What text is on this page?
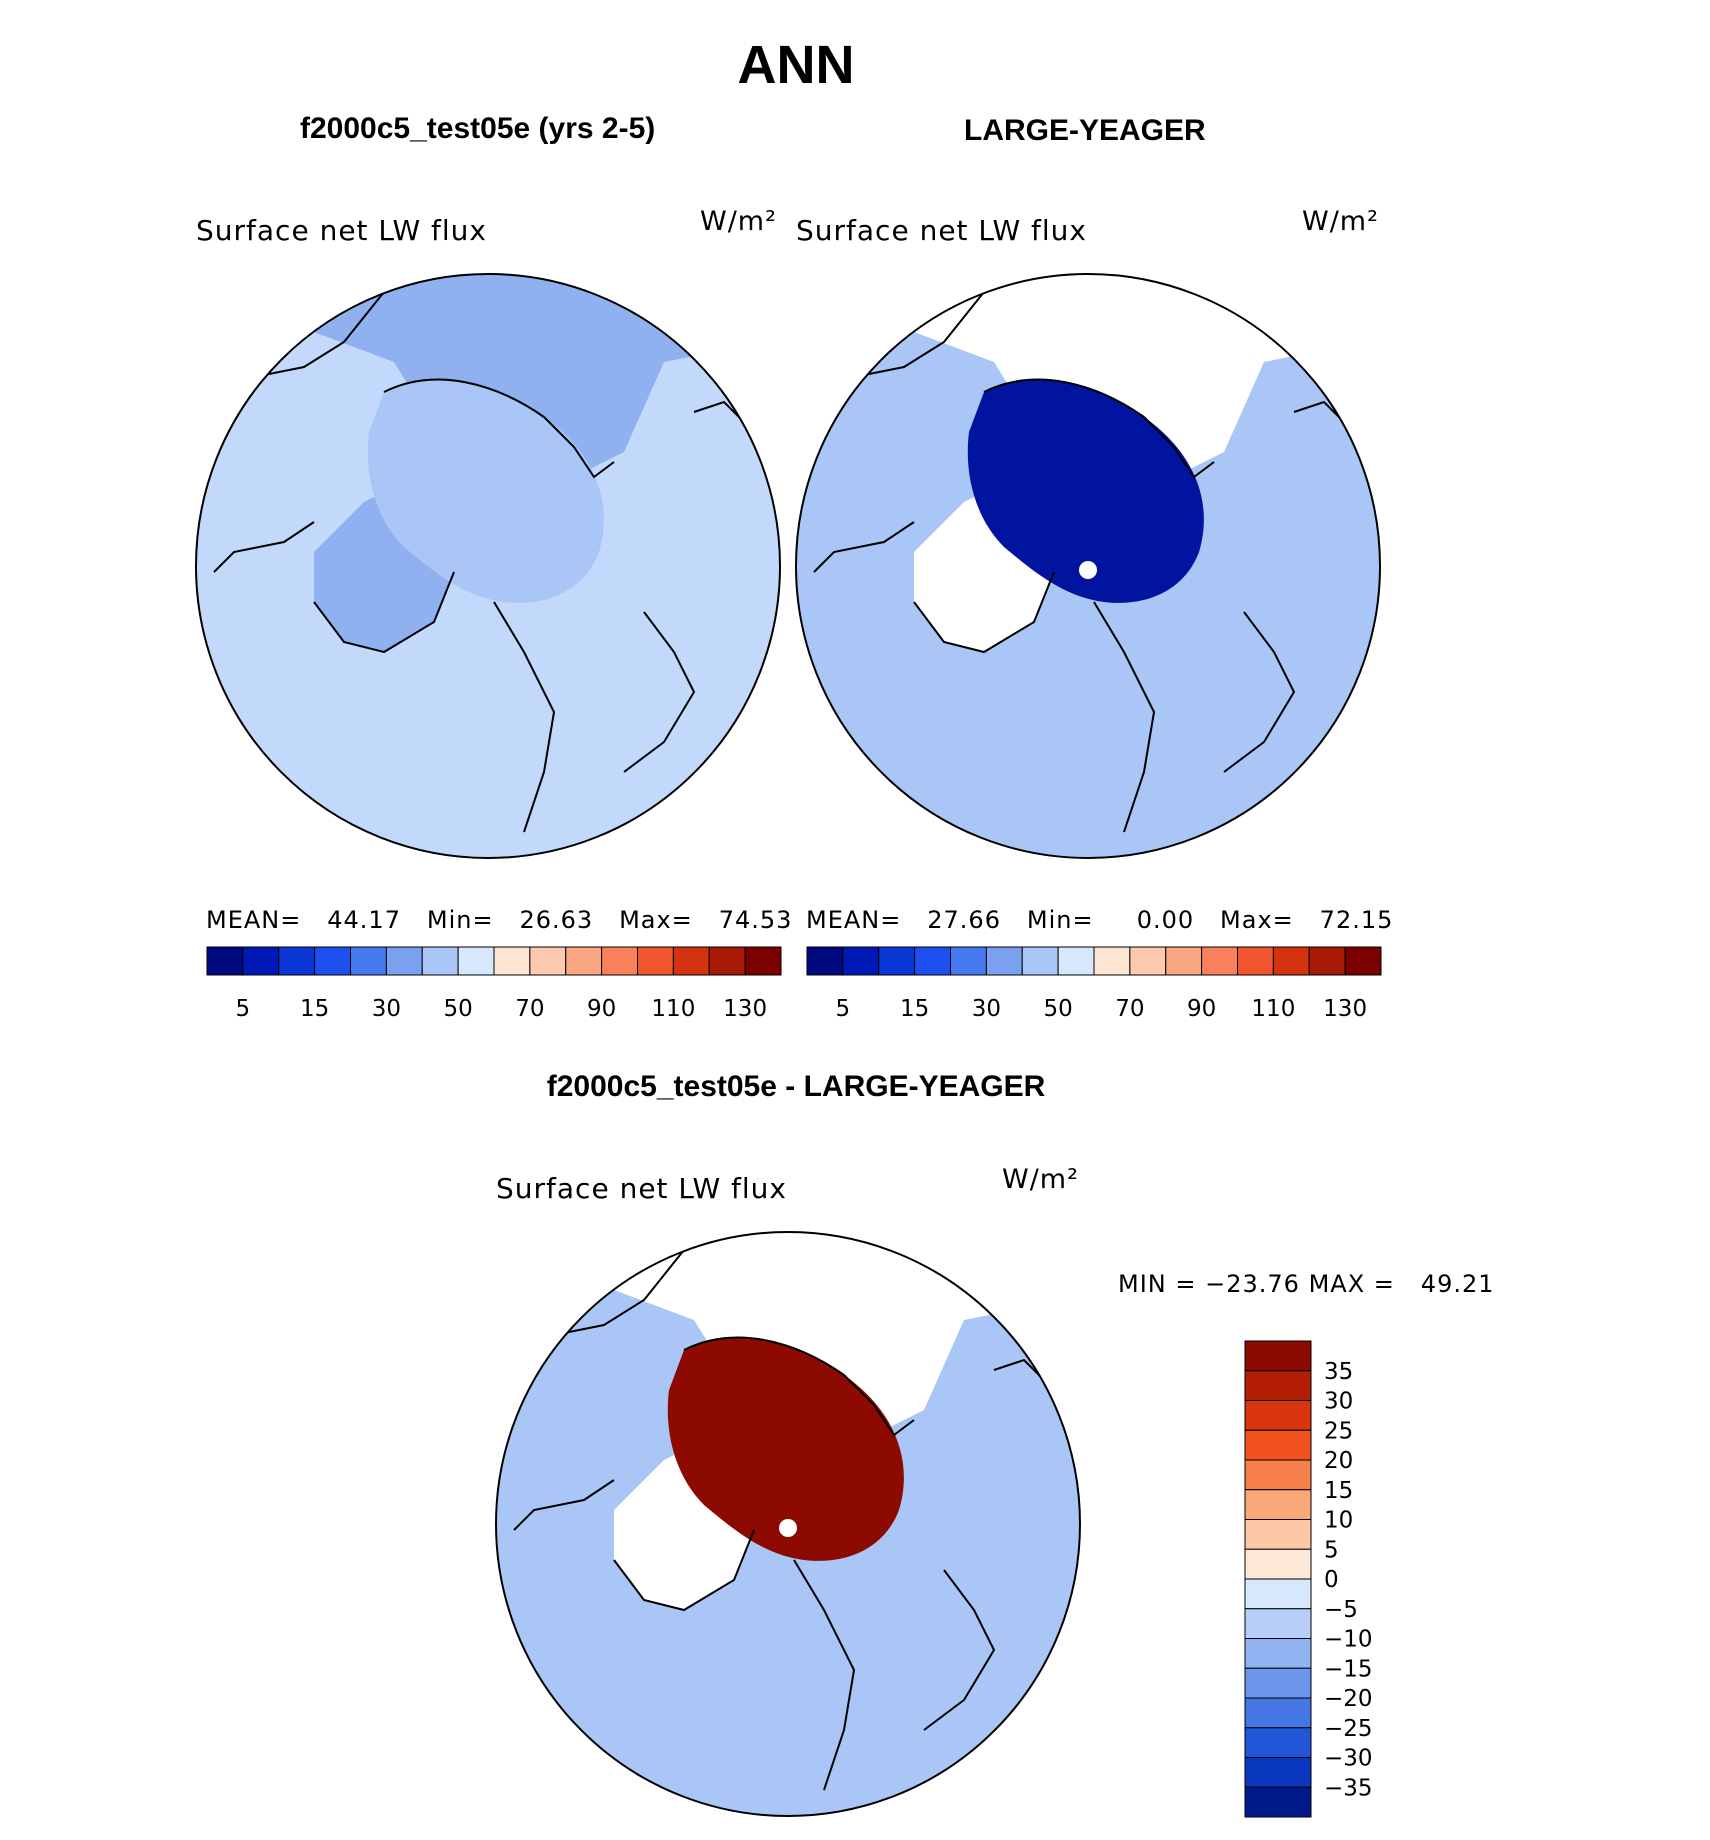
ANN
f2000c5_test05e (yrs 2-5)	LARGE-YEAGER
f2000c5_test05e - LARGE-YEAGER
Surface net LW flux	W/m² Surface net LW flux	W/m²
Surface net LW flux	W/m²
MEAN= 44.17 Min= 26.63 Max= 74.53 MEAN= 27.66 Min= 0.00 Max= 72.15
MIN = −23.76 MAX = 49.21
5 15 30 50 70 90 110 130	5 15 30 50 70 90 110 130
35
30
25
20
15
10
5
0
−5
−10
−15
−20
−25
−30
−35
